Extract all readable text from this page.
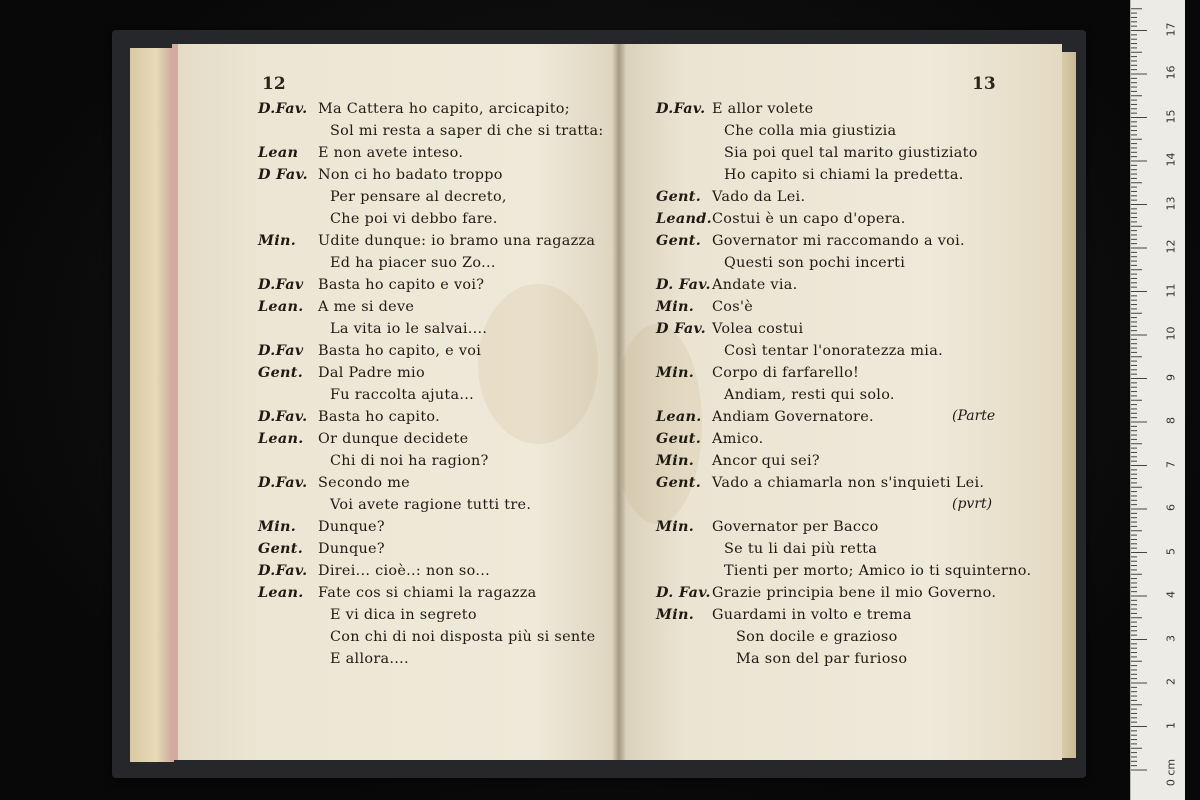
12
D.Fav. Ma Cattera ho capito, arcicapito;
Sol mi resta a saper di che si tratta:
Lean E non avete inteso.
D Fav. Non ci ho badato troppo
Per pensare al decreto,
Che poi vi debbo fare.
Min. Udite dunque: io bramo una ragazza
Ed ha piacer suo Zo...
D.Fav Basta ho capito e voi?
Lean. A me si deve
La vita io le salvai....
D.Fav Basta ho capito, e voi
Gent. Dal Padre mio
Fu raccolta ajuta...
D.Fav. Basta ho capito.
Lean. Or dunque decidete
Chi di noi ha ragion?
D.Fav. Secondo me
Voi avete ragione tutti tre.
Min. Dunque?
Gent. Dunque?
D.Fav. Direi... cioè..: non so...
Lean. Fate cos si chiami la ragazza
E vi dica in segreto
Con chi di noi disposta più si sente
E allora....
13
D.Fav. E allor volete
Che colla mia giustizia
Sia poi quel tal marito giustiziato
Ho capito si chiami la predetta.
Gent. Vado da Lei.
Leand.Costui è un capo d'opera.
Gent. Governator mi raccomando a voi.
Questi son pochi incerti
D. Fav.Andate via.
Min. Cos'è
D Fav. Volea costui
Così tentar l'onoratezza mia.
Min. Corpo di farfarello!
Andiam, resti qui solo.
Lean. Andiam Governatore.
Geut. Amico.
Min. Ancor qui sei?
Gent. Vado a chiamarla non s'inquieti Lei.
Min. Governator per Bacco
Se tu li dai più retta
Tienti per morto; Amico io ti squinterno.
D. Fav.Grazie principia bene il mio Governo.
Min. Guardami in volto e trema
Son docile e grazioso
Ma son del par furioso
(Parte
(pvrt)
0 cm
1
2
3
4
5
6
7
8
9
10
11
12
13
14
15
16
17
